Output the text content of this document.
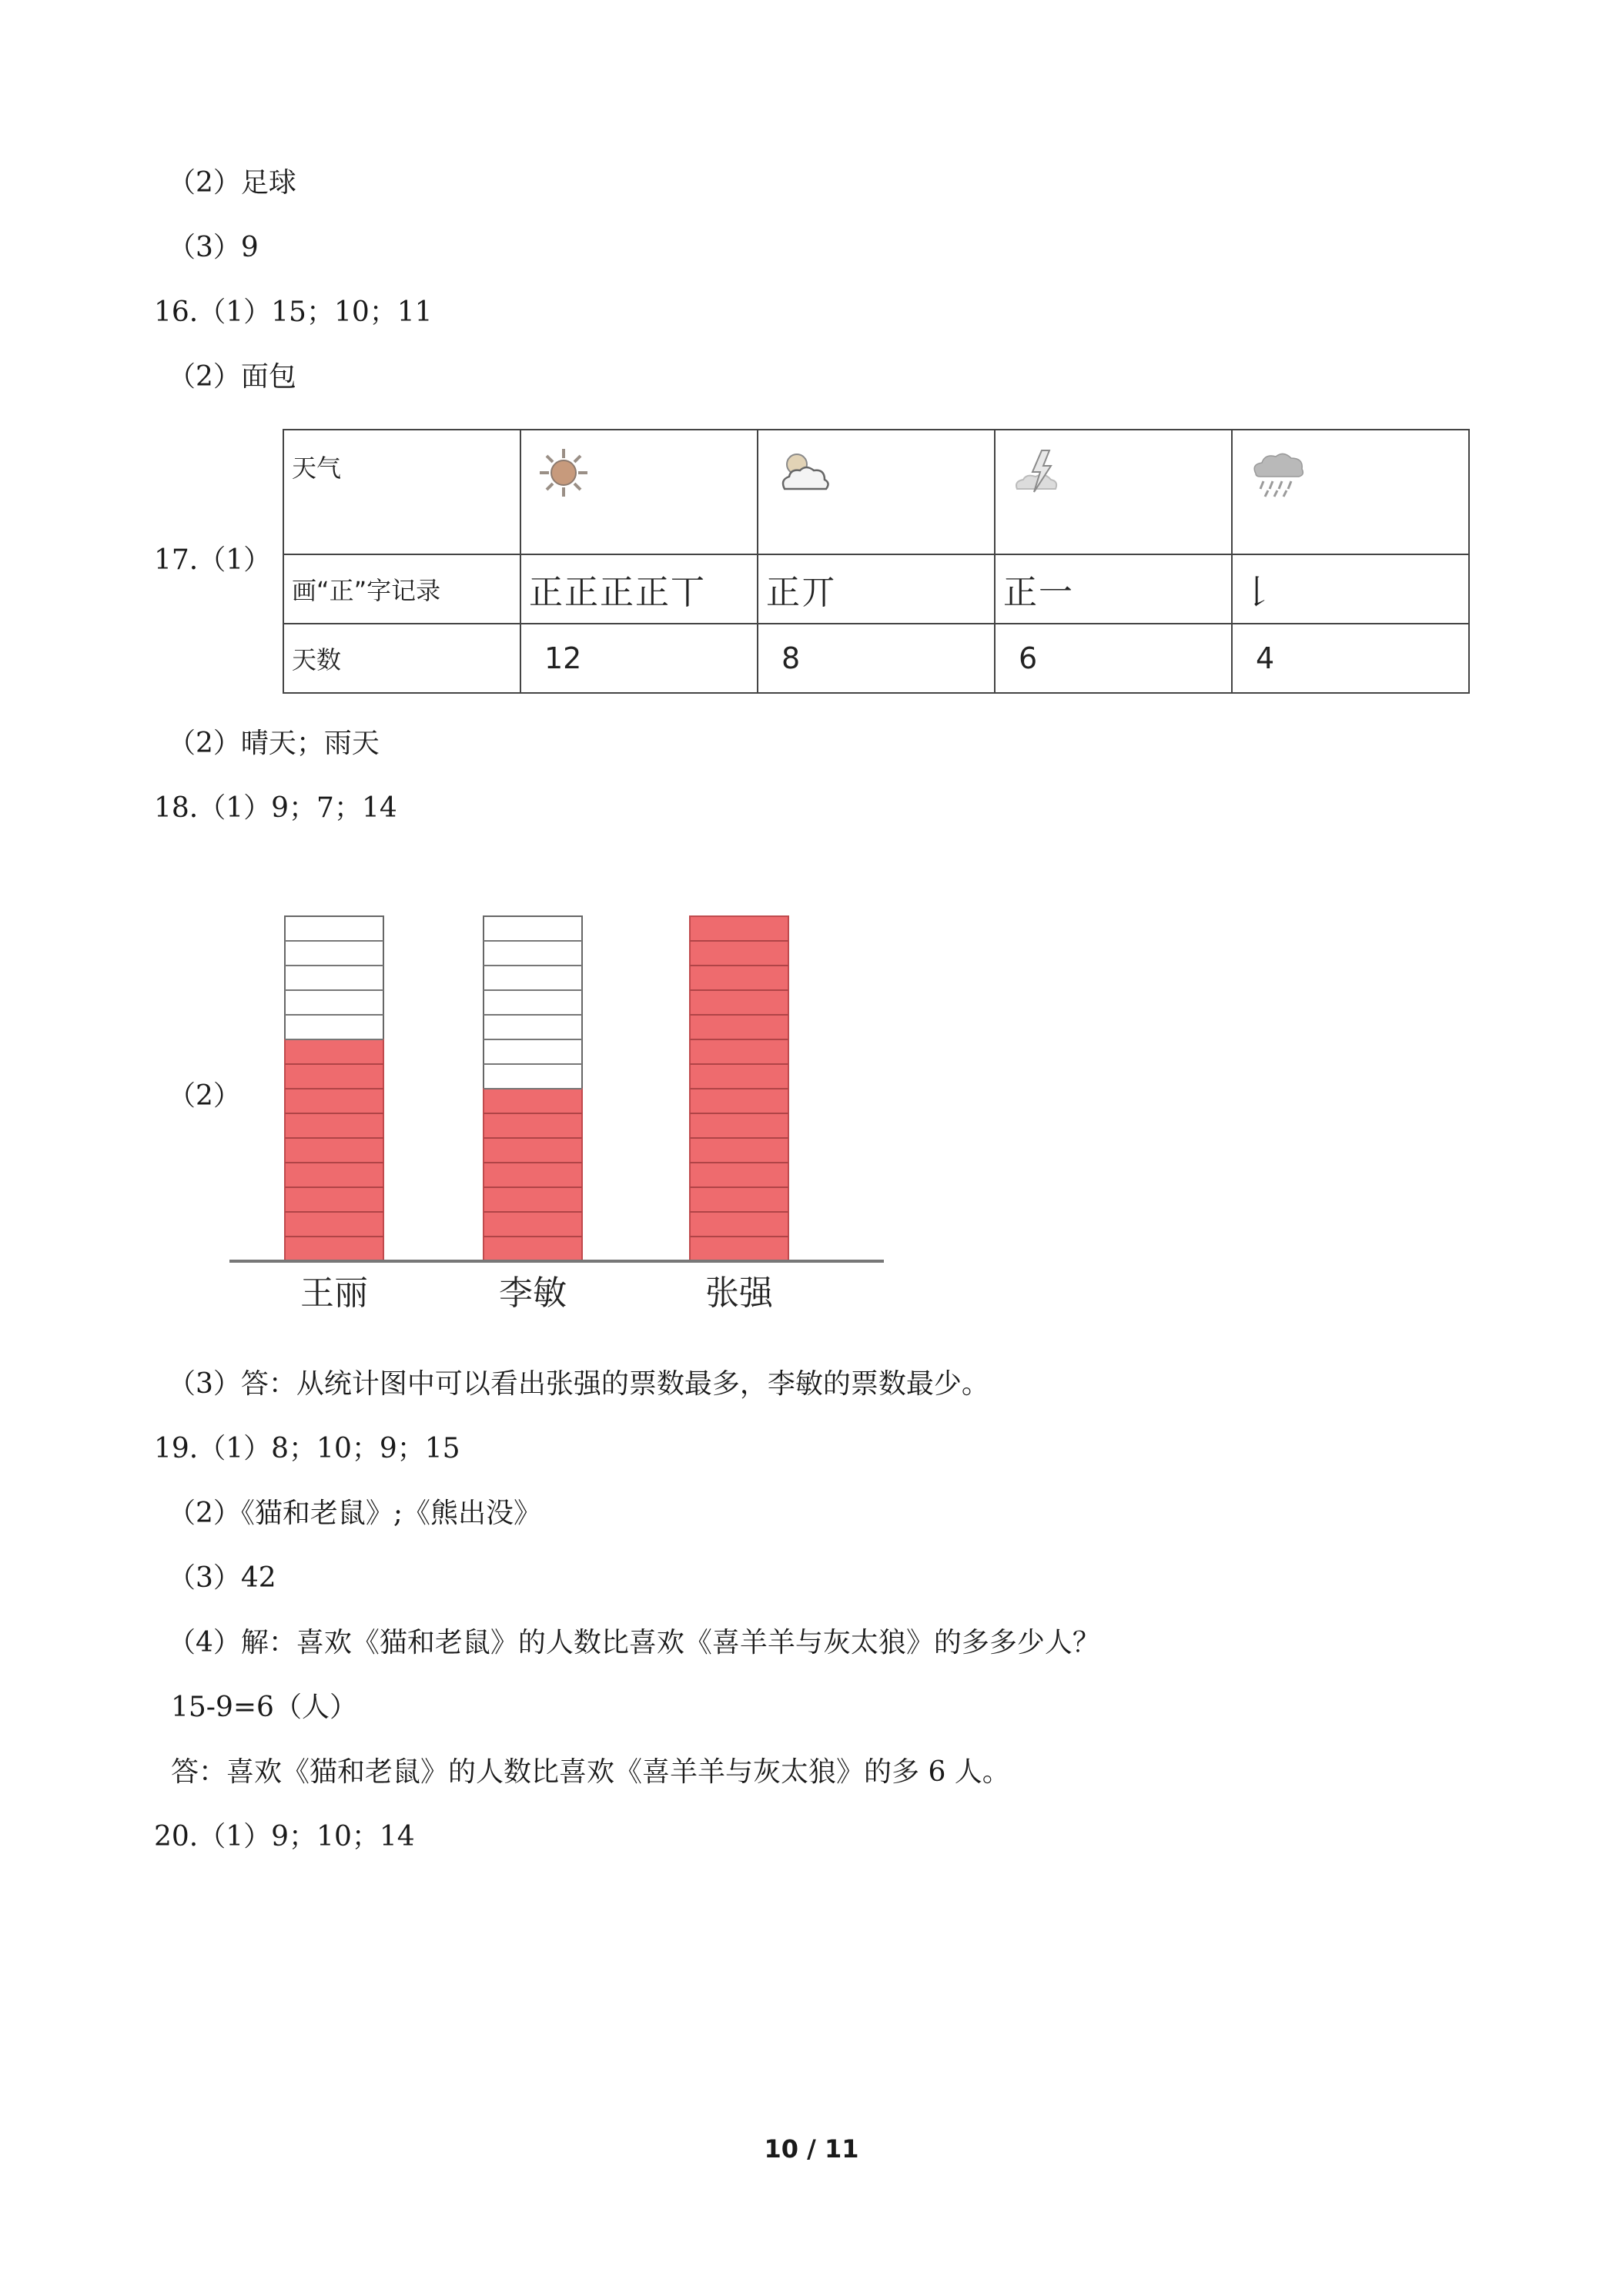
（2）足球
（3）9
16.（1）15；10；11
（2）面包
17.（1）
天气	

画“正”字记录	正正正正丅	正丌	正一	𠄌
天数	12	8	6	4
（2）晴天；雨天
18.（1）9；7；14
（2）
王丽	李敏	张强
（3）答：从统计图中可以看出张强的票数最多，李敏的票数最少。
19.（1）8；10；9；15
（2）《猫和老鼠》;《熊出没》
（3）42
（4）解：喜欢《猫和老鼠》的人数比喜欢《喜羊羊与灰太狼》的多多少人？
15-9=6（人）
答：喜欢《猫和老鼠》的人数比喜欢《喜羊羊与灰太狼》的多 6 人。
20.（1）9；10；14
10 / 11
